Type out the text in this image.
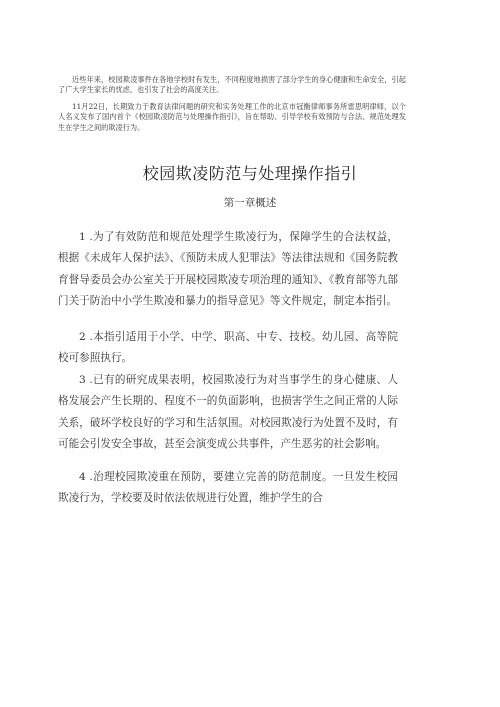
近些年来，校园欺凌事件在各地学校时有发生，不同程度地损害了部分学生的身心健康和生命安全，引起了广大学生家长的忧虑，也引发了社会的高度关注。

11月22日，长期致力于教育法律问题的研究和实务处理工作的北京市冠衡律师事务所雷思明律师，以个人名义发布了国内首个《校园欺凌防范与处理操作指引》，旨在帮助、引导学校有效预防与合法、规范处理发生在学生之间的欺凌行为。

校园欺凌防范与处理操作指引
第一章概述

1 .为了有效防范和规范处理学生欺凌行为，保障学生的合法权益，根据《未成年人保护法》、《预防未成人犯罪法》等法律法规和《国务院教育督导委员会办公室关于开展校园欺凌专项治理的通知》、《教育部等九部门关于防治中小学生欺凌和暴力的指导意见》等文件规定，制定本指引。

2 .本指引适用于小学、中学、职高、中专、技校。幼儿园、高等院校可参照执行。

3 .已有的研究成果表明，校园欺凌行为对当事学生的身心健康、人格发展会产生长期的、程度不一的负面影响，也损害学生之间正常的人际关系，破坏学校良好的学习和生活氛围。对校园欺凌行为处置不及时，有可能会引发安全事故，甚至会演变成公共事件，产生恶劣的社会影响。

4 .治理校园欺凌重在预防，要建立完善的防范制度。一旦发生校园欺凌行为，学校要及时依法依规进行处置，维护学生的合
